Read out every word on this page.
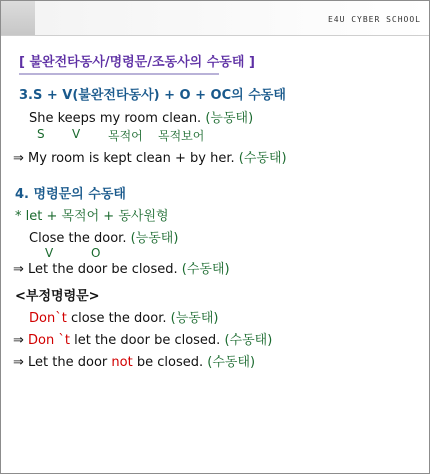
E4U CYBER SCHOOL
[ 불완전타동사/명령문/조동사의 수동태 ]
3.S + V(불완전타동사) + O + OC의 수동태
She keeps my room clean. (능동태)
S V 목적어 목적보어
⇒ My room is kept clean + by her. (수동태)
4. 명령문의 수동태
* let + 목적어 + 동사원형
Close the door. (능동태)
V	O
⇒ Let the door be closed. (수동태)
<부정명령문>
Don`t close the door. (능동태)
⇒ Don `t let the door be closed. (수동태)
⇒ Let the door not be closed. (수동태)
